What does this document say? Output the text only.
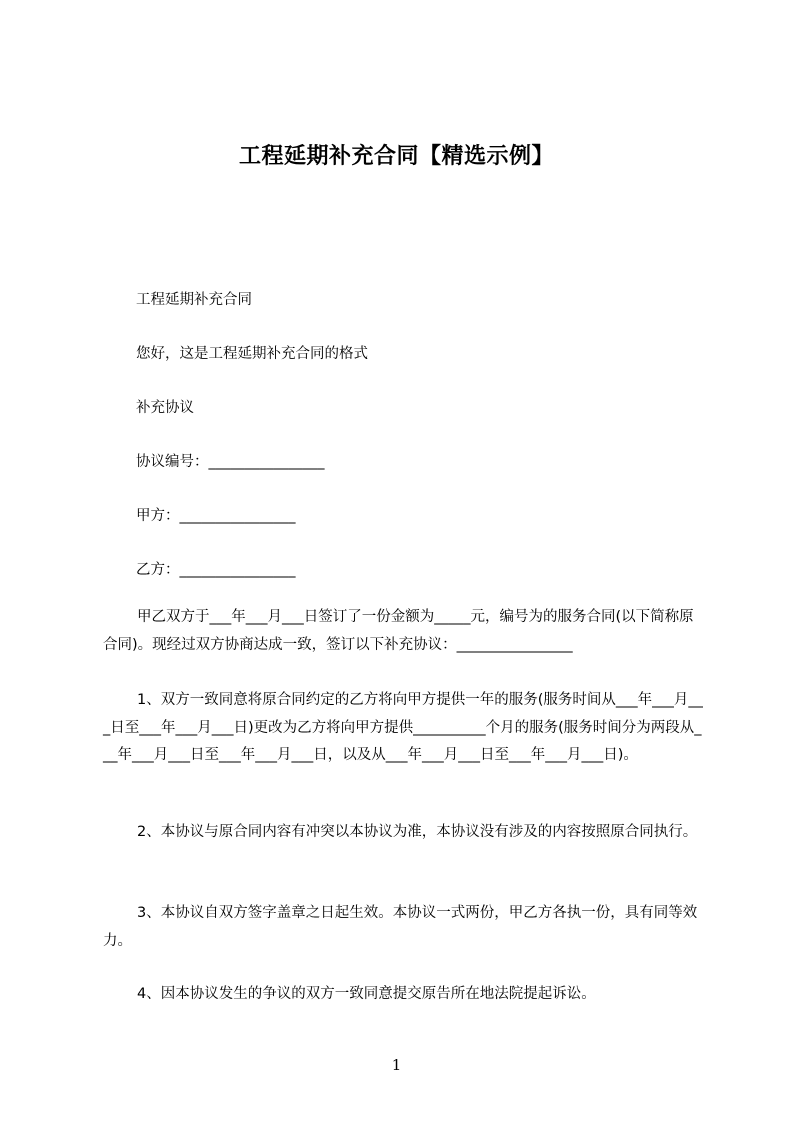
工程延期补充合同【精选示例】
工程延期补充合同
您好，这是工程延期补充合同的格式
补充协议
协议编号：________________
甲方：________________
乙方：________________

甲乙双方于___年___月___日签订了一份金额为_____元，编号为的服务合同(以下简称原合同)。现经过双方协商达成一致，签订以下补充协议：________________

1、双方一致同意将原合同约定的乙方将向甲方提供一年的服务(服务时间从___年___月___日至___年___月___日)更改为乙方将向甲方提供__________个月的服务(服务时间分为两段从___年___月___日至___年___月___日，以及从___年___月___日至___年___月___日)。

2、本协议与原合同内容有冲突以本协议为准，本协议没有涉及的内容按照原合同执行。

3、本协议自双方签字盖章之日起生效。本协议一式两份，甲乙方各执一份，具有同等效力。

4、因本协议发生的争议的双方一致同意提交原告所在地法院提起诉讼。

1
